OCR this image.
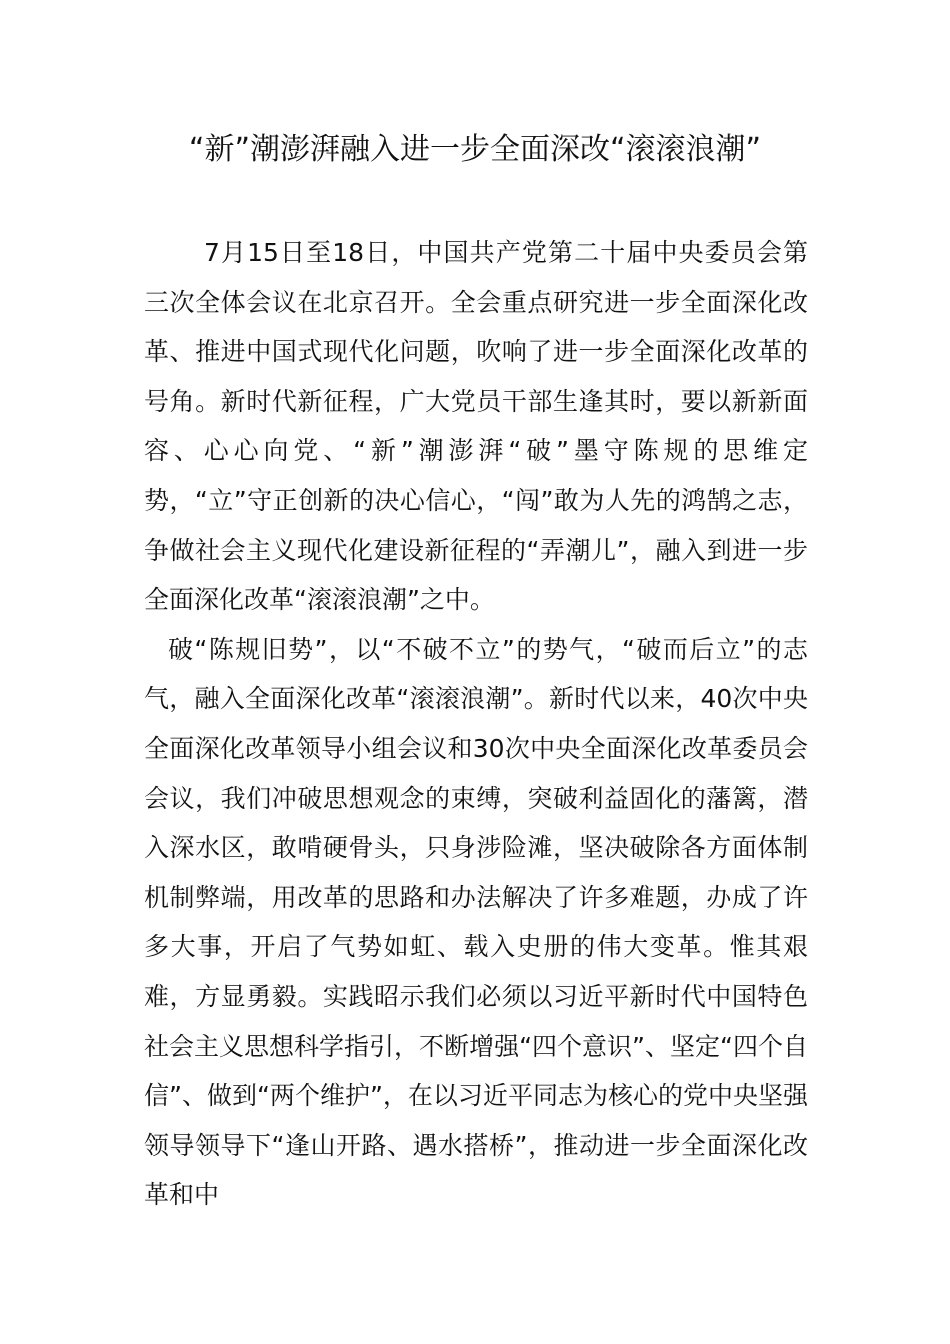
“新”潮澎湃融入进一步全面深改“滚滚浪潮”

7月15日至18日，中国共产党第二十届中央委员会第三次全体会议在北京召开。全会重点研究进一步全面深化改革、推进中国式现代化问题，吹响了进一步全面深化改革的号角。新时代新征程，广大党员干部生逢其时，要以新新面容、心心向党、“新”潮澎湃“破”墨守陈规的思维定势，“立”守正创新的决心信心，“闯”敢为人先的鸿鹄之志，争做社会主义现代化建设新征程的“弄潮儿”，融入到进一步全面深化改革“滚滚浪潮”之中。

破“陈规旧势”，以“不破不立”的势气，“破而后立”的志气，融入全面深化改革“滚滚浪潮”。新时代以来，40次中央全面深化改革领导小组会议和30次中央全面深化改革委员会会议，我们冲破思想观念的束缚，突破利益固化的藩篱，潜入深水区，敢啃硬骨头，只身涉险滩，坚决破除各方面体制机制弊端，用改革的思路和办法解决了许多难题，办成了许多大事，开启了气势如虹、载入史册的伟大变革。惟其艰难，方显勇毅。实践昭示我们必须以习近平新时代中国特色社会主义思想科学指引，不断增强“四个意识”、坚定“四个自信”、做到“两个维护”，在以习近平同志为核心的党中央坚强领导领导下“逢山开路、遇水搭桥”，推动进一步全面深化改革和中
